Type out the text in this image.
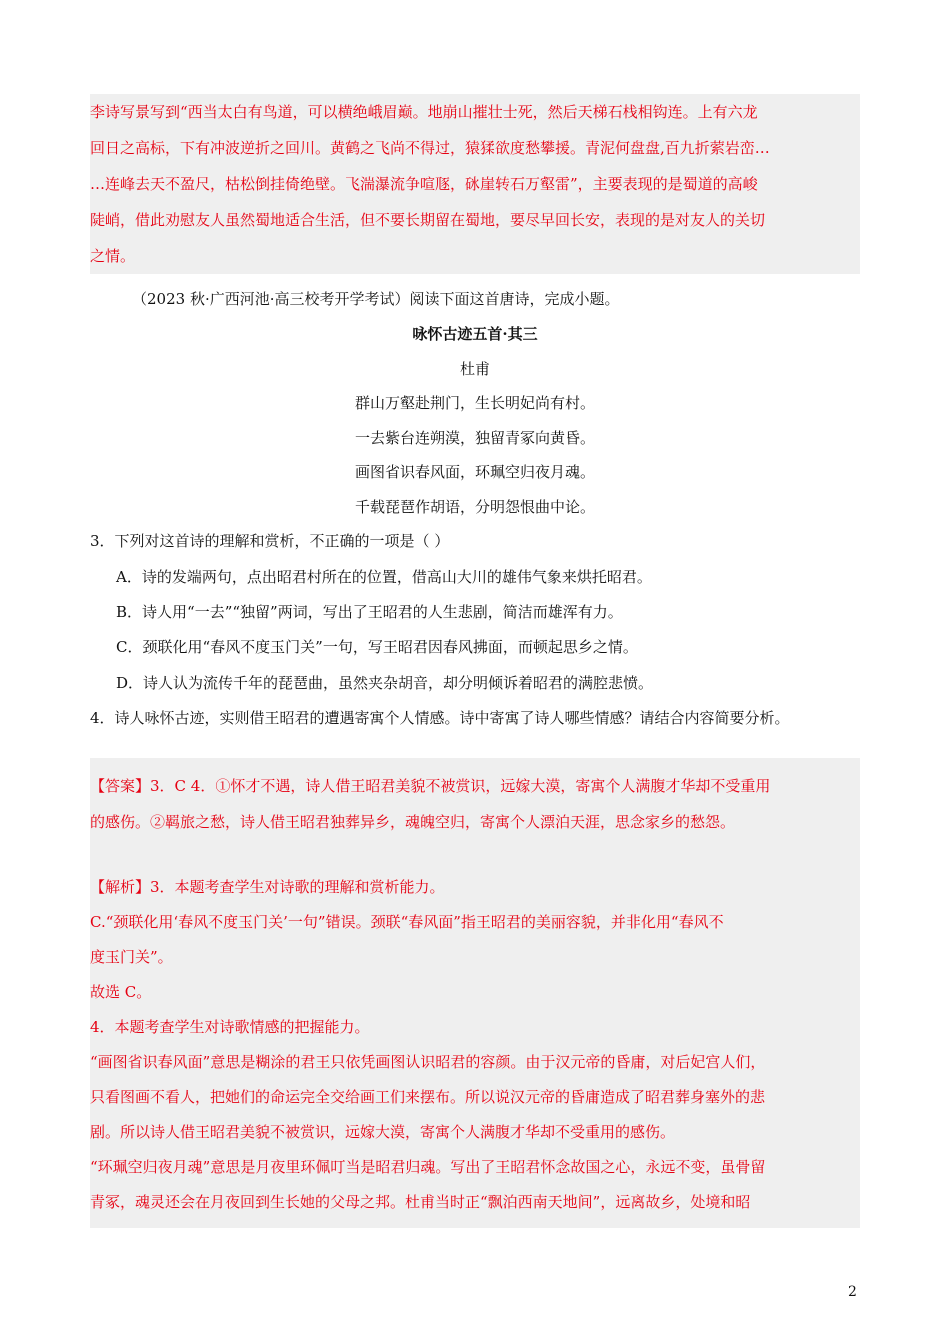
李诗写景写到“西当太白有鸟道，可以横绝峨眉巅。地崩山摧壮士死，然后天梯石栈相钩连。上有六龙
回日之高标，下有冲波逆折之回川。黄鹤之飞尚不得过，猿猱欲度愁攀援。青泥何盘盘,百九折萦岩峦…
…连峰去天不盈尺，枯松倒挂倚绝壁。飞湍瀑流争喧豗，砯崖转石万壑雷”，主要表现的是蜀道的高峻
陡峭，借此劝慰友人虽然蜀地适合生活，但不要长期留在蜀地，要尽早回长安，表现的是对友人的关切
之情。
（2023 秋·广西河池·高三校考开学考试）阅读下面这首唐诗，完成小题。
咏怀古迹五首·其三
杜甫
群山万壑赴荆门，生长明妃尚有村。
一去紫台连朔漠，独留青冢向黄昏。
画图省识春风面，环珮空归夜月魂。
千载琵琶作胡语，分明怨恨曲中论。
3．下列对这首诗的理解和赏析，不正确的一项是（ ）
A．诗的发端两句，点出昭君村所在的位置，借高山大川的雄伟气象来烘托昭君。
B．诗人用“一去”“独留”两词，写出了王昭君的人生悲剧，简洁而雄浑有力。
C．颈联化用“春风不度玉门关”一句，写王昭君因春风拂面，而顿起思乡之情。
D．诗人认为流传千年的琵琶曲，虽然夹杂胡音，却分明倾诉着昭君的满腔悲愤。
4．诗人咏怀古迹，实则借王昭君的遭遇寄寓个人情感。诗中寄寓了诗人哪些情感？请结合内容简要分析。
【答案】3．C 4．①怀才不遇，诗人借王昭君美貌不被赏识，远嫁大漠，寄寓个人满腹才华却不受重用
的感伤。②羁旅之愁，诗人借王昭君独葬异乡，魂魄空归，寄寓个人漂泊天涯，思念家乡的愁怨。
【解析】3．本题考查学生对诗歌的理解和赏析能力。
C.“颈联化用‘春风不度玉门关’一句”错误。颈联“春风面”指王昭君的美丽容貌，并非化用“春风不
度玉门关”。
故选 C。
4．本题考查学生对诗歌情感的把握能力。
“画图省识春风面”意思是糊涂的君王只依凭画图认识昭君的容颜。由于汉元帝的昏庸，对后妃宫人们，
只看图画不看人，把她们的命运完全交给画工们来摆布。所以说汉元帝的昏庸造成了昭君葬身塞外的悲
剧。所以诗人借王昭君美貌不被赏识，远嫁大漠，寄寓个人满腹才华却不受重用的感伤。
“环珮空归夜月魂”意思是月夜里环佩叮当是昭君归魂。写出了王昭君怀念故国之心，永远不变，虽骨留
青冢，魂灵还会在月夜回到生长她的父母之邦。杜甫当时正“飘泊西南天地间”，远离故乡，处境和昭
2
